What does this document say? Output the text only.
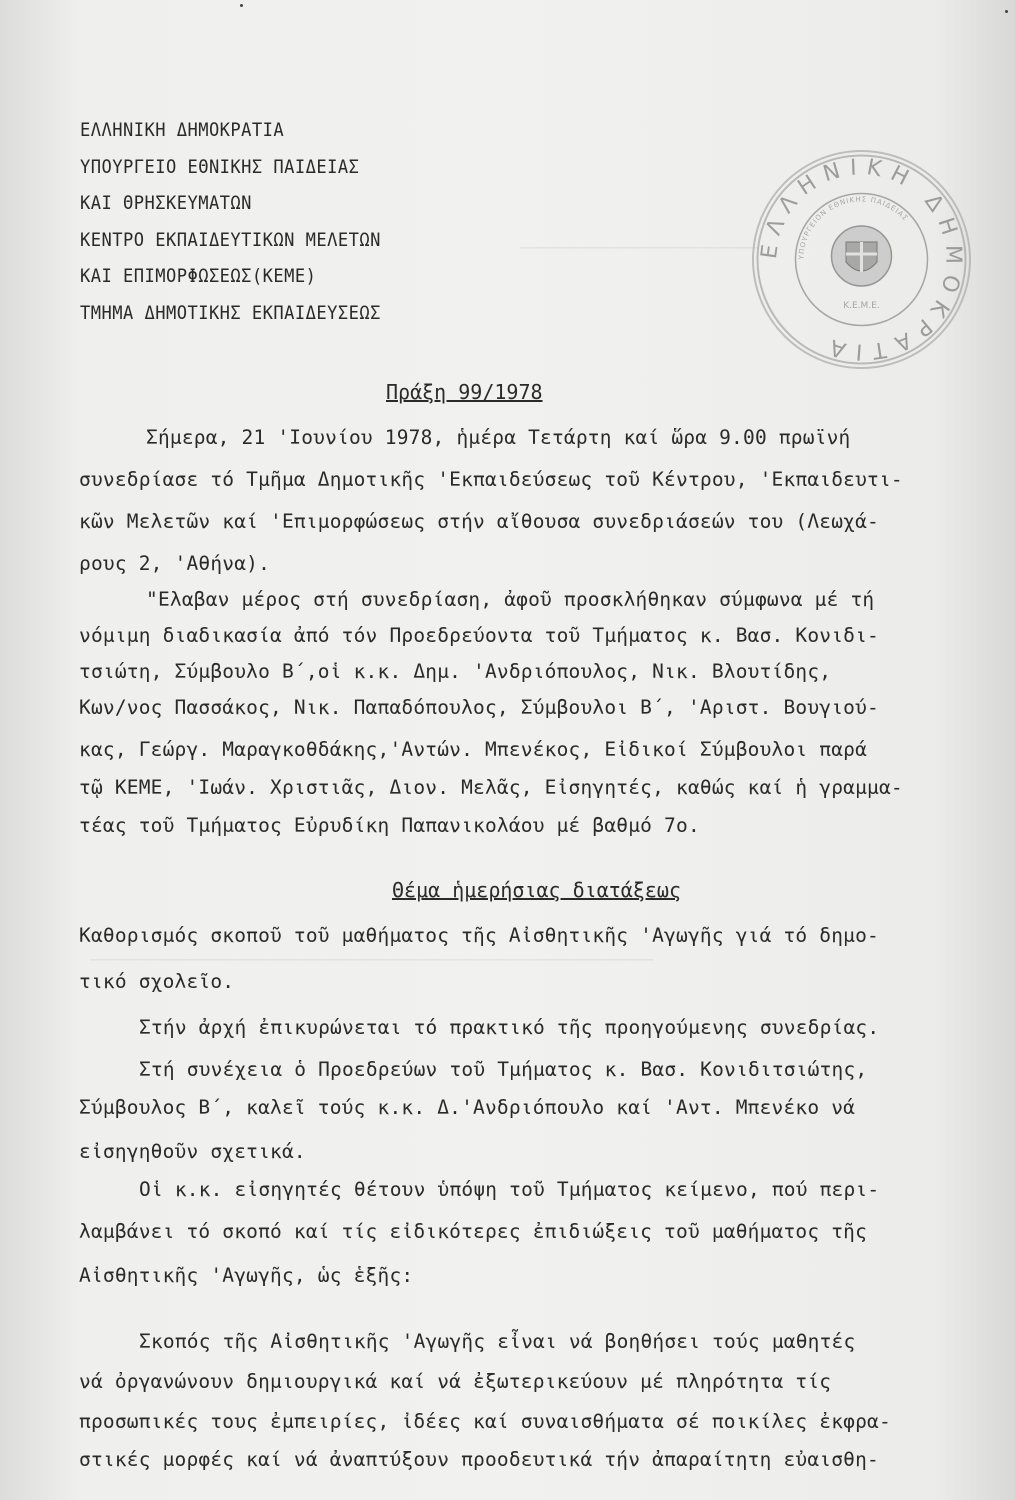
──────────────────────
────────────────────────────────────────────────────
ΕΛΛΗΝΙΚΗ ΔΗΜΟΚΡΑΤΙΑ
ΥΠΟΥΡΓΕΙΟ ΕΘΝΙΚΗΣ ΠΑΙΔΕΙΑΣ
ΚΑΙ ΘΡΗΣΚΕΥΜΑΤΩΝ
ΚΕΝΤΡΟ ΕΚΠΑΙΔΕΥΤΙΚΩΝ ΜΕΛΕΤΩΝ
ΚΑΙ ΕΠΙΜΟΡΦΩΣΕΩΣ(ΚΕΜΕ)
ΤΜΗΜΑ ΔΗΜΟΤΙΚΗΣ ΕΚΠΑΙΔΕΥΣΕΩΣ
ΕΛΛΗΝΙΚΗ ΔΗΜΟΚΡΑΤΙΑ
ΥΠΟΥΡΓΕΙΟΝ ΕΘΝΙΚΗΣ ΠΑΙΔΕΙΑΣ
Κ.Ε.Μ.Ε.
Πράξη 99/1978
Σήμερα, 21 'Ιουνίου 1978, ἡμέρα Τετάρτη καί ὥρα 9.00 πρωϊνή
συνεδρίασε τό Τμῆμα Δημοτικῆς 'Εκπαιδεύσεως τοῦ Κέντρου, 'Εκπαιδευτι-
κῶν Μελετῶν καί 'Επιμορφώσεως στήν αἴθουσα συνεδριάσεών του (Λεωχά-
ρους 2, 'Αθήνα).
"Ελαβαν μέρος στή συνεδρίαση, ἀφοῦ προσκλήθηκαν σύμφωνα μέ τή
νόμιμη διαδικασία ἀπό τόν Προεδρεύοντα τοῦ Τμήματος κ. Βασ. Κονιδι-
τσιώτη, Σύμβουλο Β΄,οἱ κ.κ. Δημ. 'Ανδριόπουλος, Νικ. Βλουτίδης,
Κων/νος Πασσάκος, Νικ. Παπαδόπουλος, Σύμβουλοι Β΄, 'Αριστ. Βουγιού-
κας, Γεώργ. Μαραγκοθδάκης,'Αντών. Μπενέκος, Εἰδικοί Σύμβουλοι παρά
τῷ ΚΕΜΕ, 'Ιωάν. Χριστιᾶς, Διον. Μελᾶς, Εἰσηγητές, καθώς καί ἡ γραμμα-
τέας τοῦ Τμήματος Εὐρυδίκη Παπανικολάου μέ βαθμό 7ο.
Θέμα ἡμερήσιας διατάξεως
Καθορισμός σκοποῦ τοῦ μαθήματος τῆς Αἰσθητικῆς 'Αγωγῆς γιά τό δημο-
τικό σχολεῖο.
Στήν ἀρχή ἐπικυρώνεται τό πρακτικό τῆς προηγούμενης συνεδρίας.
Στή συνέχεια ὁ Προεδρεύων τοῦ Τμήματος κ. Βασ. Κονιδιτσιώτης,
Σύμβουλος Β΄, καλεῖ τούς κ.κ. Δ.'Ανδριόπουλο καί 'Αντ. Μπενέκο νά
εἰσηγηθοῦν σχετικά.
Οἱ κ.κ. εἰσηγητές θέτουν ὑπόψη τοῦ Τμήματος κείμενο, πού περι-
λαμβάνει τό σκοπό καί τίς εἰδικότερες ἐπιδιώξεις τοῦ μαθήματος τῆς
Αἰσθητικῆς 'Αγωγῆς, ὡς ἑξῆς:
Σκοπός τῆς Αἰσθητικῆς 'Αγωγῆς εἶναι νά βοηθήσει τούς μαθητές
νά ὀργανώνουν δημιουργικά καί νά ἐξωτερικεύουν μέ πληρότητα τίς
προσωπικές τους ἐμπειρίες, ἰδέες καί συναισθήματα σέ ποικίλες ἐκφρα-
στικές μορφές καί νά ἀναπτύξουν προοδευτικά τήν ἀπαραίτητη εὐαισθη-
